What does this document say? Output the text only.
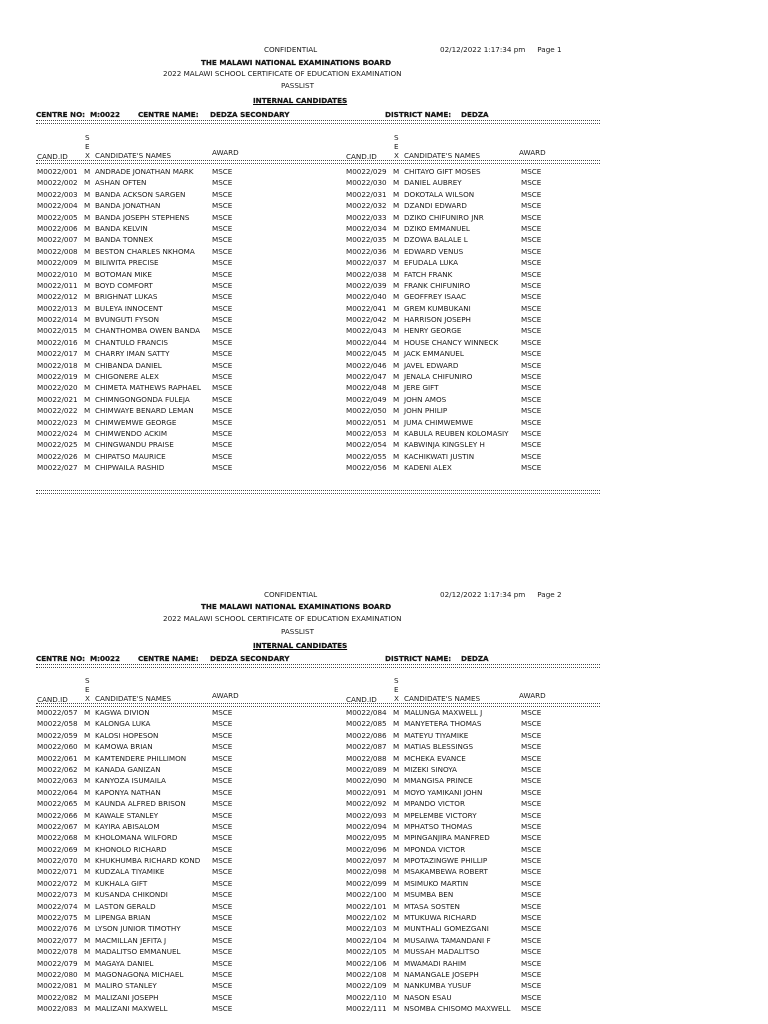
CONFIDENTIAL	02/12/2022 1:17:34 pm Page 1
THE MALAWI NATIONAL EXAMINATIONS BOARD
2022 MALAWI SCHOOL CERTIFICATE OF EDUCATION EXAMINATION
PASSLIST
INTERNAL CANDIDATES
CENTRE NO: M:0022 CENTRE NAME: DEDZA SECONDARY	DISTRICT NAME: DEDZA
CAND.ID
S
E
X CANDIDATE'S NAMES	AWARD
M0022/001 M ANDRADE JONATHAN MARK	MSCE
M0022/002 M ASHAN OFTEN	MSCE
M0022/003 M BANDA ACKSON SARGEN	MSCE
M0022/004 M BANDA JONATHAN	MSCE
M0022/005 M BANDA JOSEPH STEPHENS	MSCE
M0022/006 M BANDA KELVIN	MSCE
M0022/007 M BANDA TONNEX	MSCE
M0022/008 M BESTON CHARLES NKHOMA MSCE
M0022/009 M BILIWITA PRECISE	MSCE
M0022/010 M BOTOMAN MIKE	MSCE
M0022/011 M BOYD COMFORT	MSCE
M0022/012 M BRIGHNAT LUKAS	MSCE
M0022/013 M BULEYA INNOCENT	MSCE
M0022/014 M BVUNGUTI FYSON	MSCE
M0022/015 M CHANTHOMBA OWEN BANDA MSCE
M0022/016 M CHANTULO FRANCIS	MSCE
M0022/017 M CHARRY IMAN SATTY	MSCE
M0022/018 M CHIBANDA DANIEL	MSCE
M0022/019 M CHIGONERE ALEX	MSCE
M0022/020 M CHIMETA MATHEWS RAPHAEL MSCE
M0022/021 M CHIMNGONGONDA FULEJA	MSCE
M0022/022 M CHIMWAYE BENARD LEMAN	MSCE
M0022/023 M CHIMWEMWE GEORGE	MSCE
M0022/024 M CHIMWENDO ACKIM	MSCE
M0022/025 M CHINGWANDU PRAISE	MSCE
M0022/026 M CHIPATSO MAURICE	MSCE
M0022/027 M CHIPWAILA RASHID	MSCE
CAND.ID
S
E
X CANDIDATE'S NAMES	AWARD
M0022/029 M CHITAYO GIFT MOSES	MSCE
M0022/030 M DANIEL AUBREY	MSCE
M0022/031 M DOKOTALA WILSON	MSCE
M0022/032 M DZANDI EDWARD	MSCE
M0022/033 M DZIKO CHIFUNIRO JNR	MSCE
M0022/034 M DZIKO EMMANUEL	MSCE
M0022/035 M DZOWA BALALE L	MSCE
M0022/036 M EDWARD VENUS	MSCE
M0022/037 M EFUDALA LUKA	MSCE
M0022/038 M FATCH FRANK	MSCE
M0022/039 M FRANK CHIFUNIRO	MSCE
M0022/040 M GEOFFREY ISAAC	MSCE
M0022/041 M GREM KUMBUKANI	MSCE
M0022/042 M HARRISON JOSEPH	MSCE
M0022/043 M HENRY GEORGE	MSCE
M0022/044 M HOUSE CHANCY WINNECK	MSCE
M0022/045 M JACK EMMANUEL	MSCE
M0022/046 M JAVEL EDWARD	MSCE
M0022/047 M JENALA CHIFUNIRO	MSCE
M0022/048 M JERE GIFT	MSCE
M0022/049 M JOHN AMOS	MSCE
M0022/050 M JOHN PHILIP	MSCE
M0022/051 M JUMA CHIMWEMWE	MSCE
M0022/053 M KABULA REUBEN KOLOMASIY MSCE
M0022/054 M KABWINJA KINGSLEY H	MSCE
M0022/055 M KACHIKWATI JUSTIN	MSCE
M0022/056 M KADENI ALEX	MSCE
CONFIDENTIAL	02/12/2022 1:17:34 pm Page 2
THE MALAWI NATIONAL EXAMINATIONS BOARD
2022 MALAWI SCHOOL CERTIFICATE OF EDUCATION EXAMINATION
PASSLIST
INTERNAL CANDIDATES
CENTRE NO: M:0022 CENTRE NAME: DEDZA SECONDARY	DISTRICT NAME: DEDZA
CAND.ID
S
E
X CANDIDATE'S NAMES	AWARD
M0022/057 M KAGWA DIVION	MSCE
M0022/058 M KALONGA LUKA	MSCE
M0022/059 M KALOSI HOPESON	MSCE
M0022/060 M KAMOWA BRIAN	MSCE
M0022/061 M KAMTENDERE PHILLIMON	MSCE
M0022/062 M KANADA GANIZAN	MSCE
M0022/063 M KANYOZA ISUMAILA	MSCE
M0022/064 M KAPONYA NATHAN	MSCE
M0022/065 M KAUNDA ALFRED BRISON	MSCE
M0022/066 M KAWALE STANLEY	MSCE
M0022/067 M KAYIRA ABISALOM	MSCE
M0022/068 M KHOLOMANA WILFORD	MSCE
M0022/069 M KHONOLO RICHARD	MSCE
M0022/070 M KHUKHUMBA RICHARD KOND MSCE
M0022/071 M KUDZALA TIYAMIKE	MSCE
M0022/072 M KUKHALA GIFT	MSCE
M0022/073 M KUSANDA CHIKONDI	MSCE
M0022/074 M LASTON GERALD	MSCE
M0022/075 M LIPENGA BRIAN	MSCE
M0022/076 M LYSON JUNIOR TIMOTHY	MSCE
M0022/077 M MACMILLAN JEFITA J	MSCE
M0022/078 M MADALITSO EMMANUEL	MSCE
M0022/079 M MAGAYA DANIEL	MSCE
M0022/080 M MAGONAGONA MICHAEL	MSCE
M0022/081 M MALIRO STANLEY	MSCE
M0022/082 M MALIZANI JOSEPH	MSCE
M0022/083 M MALIZANI MAXWELL	MSCE
CAND.ID
S
E
X CANDIDATE'S NAMES	AWARD
M0022/084 M MALUNGA MAXWELL J	MSCE
M0022/085 M MANYETERA THOMAS	MSCE
M0022/086 M MATEYU TIYAMIKE	MSCE
M0022/087 M MATIAS BLESSINGS	MSCE
M0022/088 M MCHEKA EVANCE	MSCE
M0022/089 M MIZEKI SINOYA	MSCE
M0022/090 M MMANGISA PRINCE	MSCE
M0022/091 M MOYO YAMIKANI JOHN	MSCE
M0022/092 M MPANDO VICTOR	MSCE
M0022/093 M MPELEMBE VICTORY	MSCE
M0022/094 M MPHATSO THOMAS	MSCE
M0022/095 M MPINGANJIRA MANFRED	MSCE
M0022/096 M MPONDA VICTOR	MSCE
M0022/097 M MPOTAZINGWE PHILLIP	MSCE
M0022/098 M MSAKAMBEWA ROBERT	MSCE
M0022/099 M MSIMUKO MARTIN	MSCE
M0022/100 M MSUMBA BEN	MSCE
M0022/101 M MTASA SOSTEN	MSCE
M0022/102 M MTUKUWA RICHARD	MSCE
M0022/103 M MUNTHALI GOMEZGANI	MSCE
M0022/104 M MUSAIWA TAMANDANI F	MSCE
M0022/105 M MUSSAH MADALITSO	MSCE
M0022/106 M MWAMADI RAHIM	MSCE
M0022/108 M NAMANGALE JOSEPH	MSCE
M0022/109 M NANKUMBA YUSUF	MSCE
M0022/110 M NASON ESAU	MSCE
M0022/111 M NSOMBA CHISOMO MAXWELL MSCE
